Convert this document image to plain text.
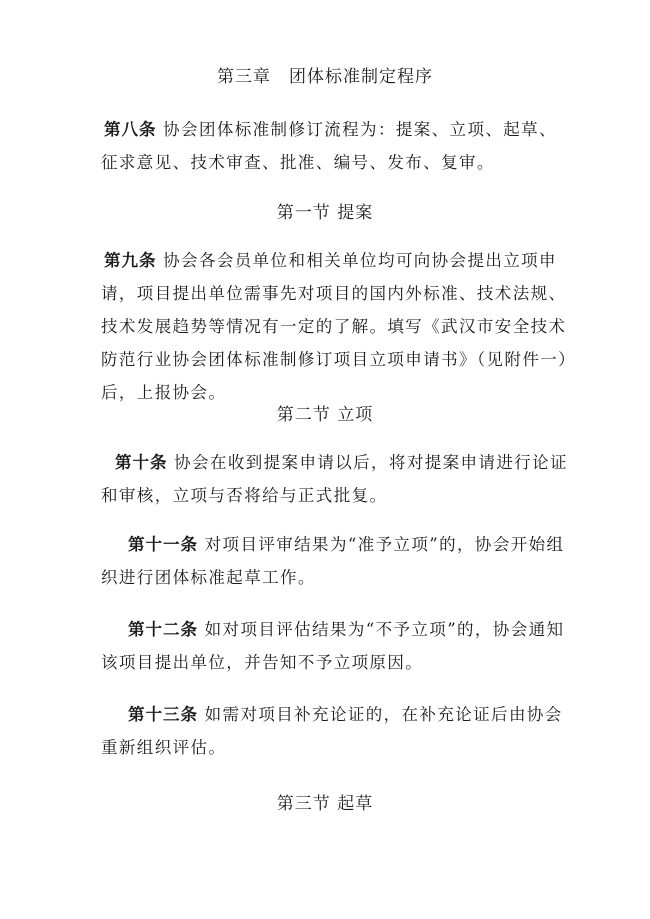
第三章　团体标准制定程序

第八条 协会团体标准制修订流程为：提案、立项、起草、征求意见、技术审查、批准、编号、发布、复审。

第一节 提案

第九条 协会各会员单位和相关单位均可向协会提出立项申请，项目提出单位需事先对项目的国内外标准、技术法规、技术发展趋势等情况有一定的了解。填写《武汉市安全技术防范行业协会团体标准制修订项目立项申请书》（见附件一）后，上报协会。

第二节 立项

第十条 协会在收到提案申请以后，将对提案申请进行论证和审核，立项与否将给与正式批复。

第十一条 对项目评审结果为“准予立项”的，协会开始组织进行团体标准起草工作。

第十二条 如对项目评估结果为“不予立项”的，协会通知该项目提出单位，并告知不予立项原因。

第十三条 如需对项目补充论证的，在补充论证后由协会重新组织评估。

第三节 起草
